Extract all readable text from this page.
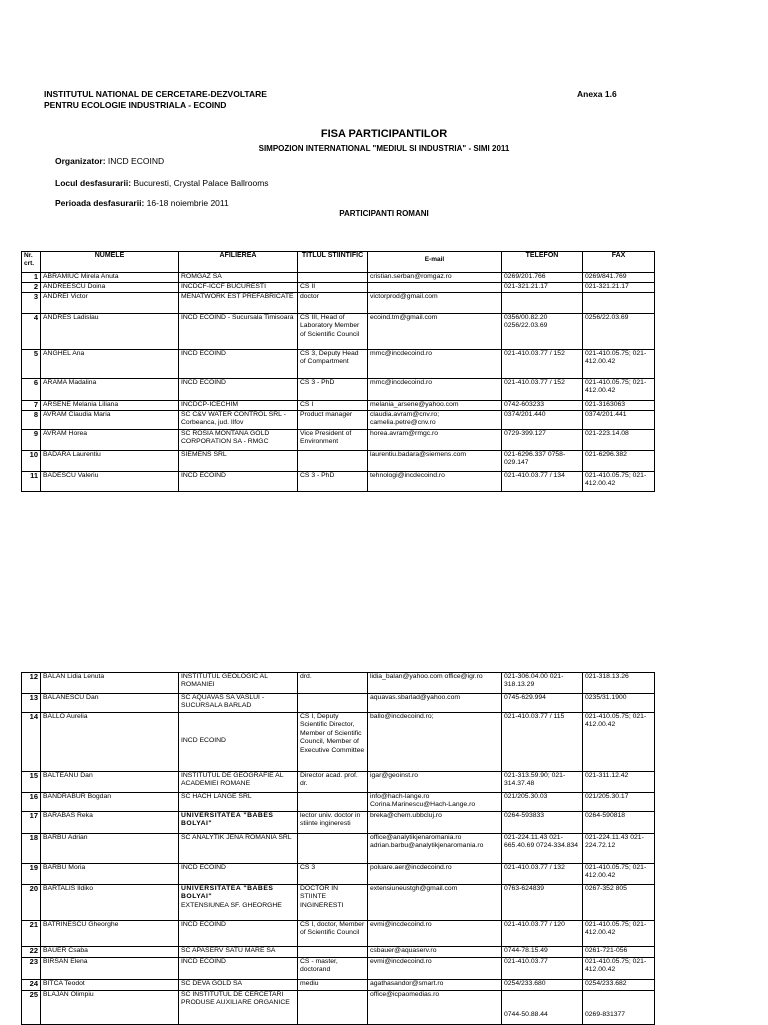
INSTITUTUL NATIONAL DE CERCETARE-DEZVOLTARE
PENTRU ECOLOGIE INDUSTRIALA - ECOIND
Anexa 1.6
FISA PARTICIPANTILOR
SIMPOZION INTERNATIONAL "MEDIUL SI INDUSTRIA" - SIMI 2011
Organizator: INCD ECOIND
Locul desfasurarii: Bucuresti, Crystal Palace Ballrooms
Perioada desfasurarii: 16-18 noiembrie 2011
PARTICIPANTI ROMANI
Nr. crt.	NUMELE	AFILIEREA	TITLUL STIINTIFIC	E-mail	TELEFON	FAX
1	ABRAMIUC Mirela Anuta	ROMGAZ SA		cristian.serban@romgaz.ro	0269/201.766	0269/841.769
2	ANDREESCU Doina	INCDCF-ICCF BUCURESTI	CS II		021-321.21.17	021-321.21.17
3	ANDREI Victor	MENATWORK EST PREFABRICATE	doctor	victorprod@gmail.com		
4	ANDRES Ladislau	INCD ECOIND - Sucursala Timisoara	CS III, Head of Laboratory Member of Scientific Council	ecoind.tm@gmail.com	0356/00.82.20 0256/22.03.69	0256/22.03.69
5	ANGHEL Ana	INCD ECOIND	CS 3, Deputy Head of Compartment	mmc@incdecoind.ro	021-410.03.77 / 152	021-410.05.75; 021-412.00.42
6	ARAMA Madalina	INCD ECOIND	CS 3 - PhD	mmc@incdecoind.ro	021-410.03.77 / 152	021-410.05.75; 021-412.00.42
7	ARSENE Melania Liliana	INCDCP-ICECHIM	CS I	melania_arsene@yahoo.com	0742-603233	021-3163063
8	AVRAM Claudia Maria	SC C&V WATER CONTROL SRL - Corbeanca, jud. Ilfov	Product manager	claudia.avram@cnv.ro; camelia.petre@cnv.ro	0374/201.440	0374/201.441
9	AVRAM Horea	SC ROSIA MONTANA GOLD CORPORATION SA - RMGC	Vice President of Environment	horea.avram@rmgc.ro	0729-399.127	021-223.14.08
10	BADARA Laurentiu	SIEMENS SRL		laurentiu.badara@siemens.com	021-6296.337 0758-029.147	021-6296.382
11	BADESCU Valeriu	INCD ECOIND	CS 3 - PhD	tehnologi@incdecoind.ro	021-410.03.77 / 134	021-410.05.75; 021-412.00.42
12	BALAN Lidia Lenuta	INSTITUTUL GEOLOGIC AL ROMANIEI	drd.	lidia_balan@yahoo.com office@igr.ro	021-306.04.00 021-318.13.29	021-318.13.26
13	BALANESCU Dan	SC AQUAVAS SA VASLUI - SUCURSALA BARLAD		aquavas.sbarlad@yahoo.com	0745-629.994	0235/31.1900
14	BALLO Aurelia	INCD ECOIND	CS I, Deputy Scientific Director, Member of Scientific Council, Member of Executive Committee	ballo@incdecoind.ro;	021-410.03.77 / 115	021-410.05.75; 021-412.00.42
15	BALTEANU Dan	INSTITUTUL DE GEOGRAFIE AL ACADEMIEI ROMANE	Director acad. prof. dr.	igar@geoinst.ro	021-313.59.90; 021-314.37.48	021-311.12.42
16	BANDRABUR Bogdan	SC HACH LANGE SRL		info@hach-lange.ro Corina.Marinescu@Hach-Lange.ro	021/205.30.03	021/205.30.17
17	BARABAS Reka	UNIVERSITATEA "BABES BOLYAI"	lector univ. doctor in stiinte ingineresti	breka@chem.ubbcluj.ro	0264-593833	0264-590818
18	BARBU Adrian	SC ANALYTIK JENA ROMANIA SRL		office@analytikjenaromania.ro adrian.barbu@analytikjenaromania.ro	021-224.11.43 021-665.40.69 0724-334.834	021-224.11.43 021-224.72.12
19	BARBU Moria	INCD ECOIND	CS 3	poluare.aer@incdecoind.ro	021-410.03.77 / 132	021-410.05.75; 021-412.00.42
20	BARTALIS Ildiko	UNIVERSITATEA "BABES BOLYAI"
EXTENSIUNEA SF. GHEORGHE	DOCTOR IN STIINTE INGINERESTI	extensiuneustgh@gmail.com	0763-624839	0267-352 805
21	BATRINESCU Gheorghe	INCD ECOIND	CS I, doctor, Member of Scientific Council	evmi@incdecoind.ro	021-410.03.77 / 120	021-410.05.75; 021-412.00.42
22	BAUER Csaba	SC APASERV SATU MARE SA		csbauer@aquaserv.ro	0744-78.15.49	0261-721-056
23	BIRSAN Elena	INCD ECOIND	CS - master, doctorand	evmi@incdecoind.ro	021-410.03.77	021-410.05.75; 021-412.00.42
24	BITCA Teodot	SC DEVA GOLD SA	mediu	agathasandor@smart.ro	0254/233.680	0254/233.682
25	BLAJAN Olimpiu	SC INSTITUTUL DE CERCETARI PRODUSE AUXILIARE ORGANICE		office@icpaomedias.ro	0744-50.88.44	0269-831377
